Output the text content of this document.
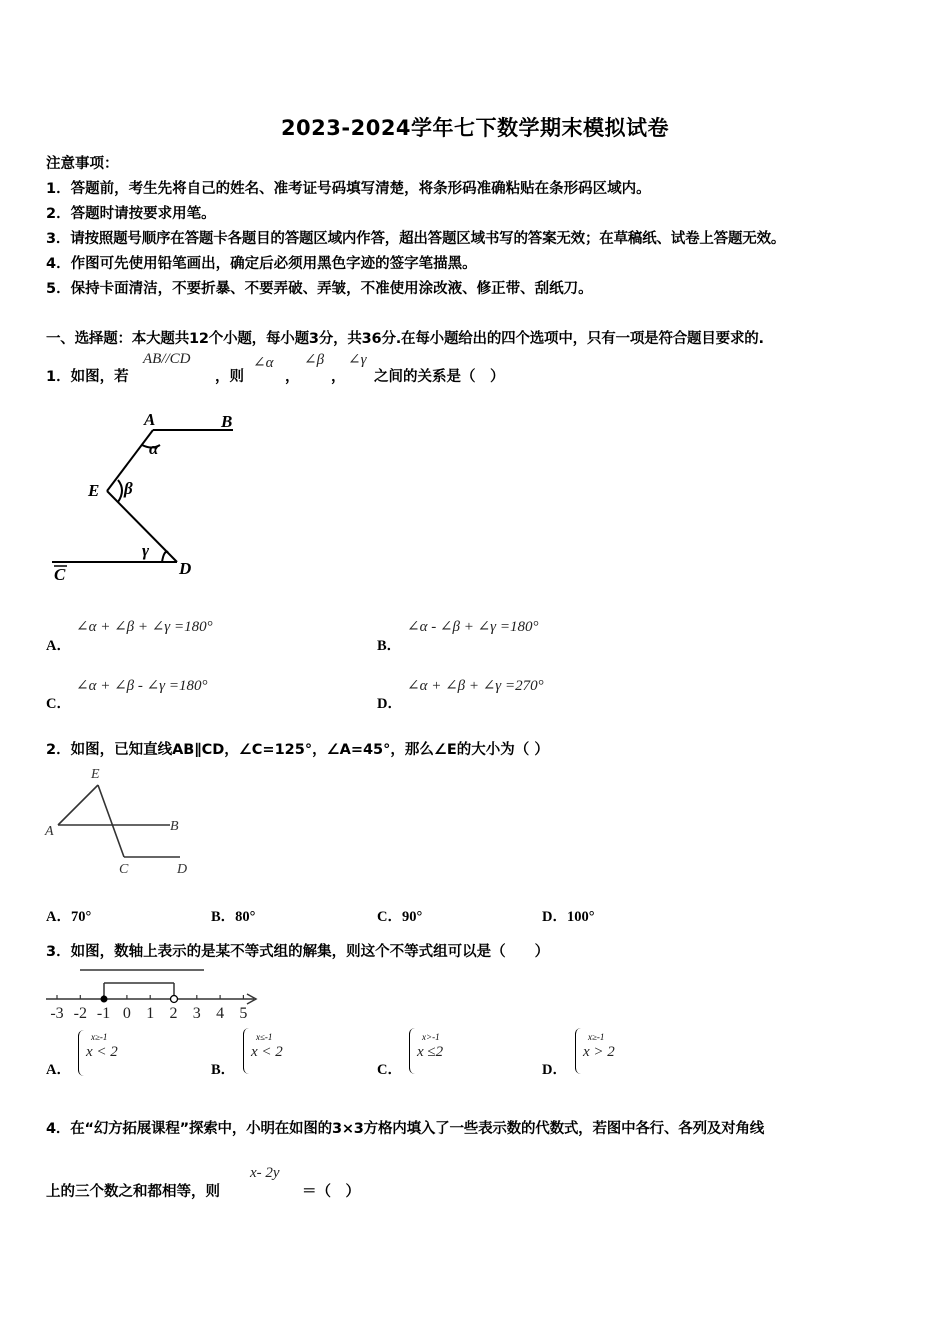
2023-2024学年七下数学期末模拟试卷
注意事项：
1．答题前，考生先将自己的姓名、准考证号码填写清楚，将条形码准确粘贴在条形码区域内。
2．答题时请按要求用笔。
3．请按照题号顺序在答题卡各题目的答题区域内作答，超出答题区域书写的答案无效；在草稿纸、试卷上答题无效。
4．作图可先使用铅笔画出，确定后必须用黑色字迹的签字笔描黑。
5．保持卡面清洁，不要折暴、不要弄破、弄皱，不准使用涂改液、修正带、刮纸刀。
一、选择题：本大题共12个小题，每小题3分，共36分.在每小题给出的四个选项中，只有一项是符合题目要求的.
1．如图，若
AB//CD
，则
∠α
，
∠β
，
∠γ
之间的关系是（　）
A	B
E β
α
γ
D
C
A．
∠α + ∠β + ∠γ =180°
B．
∠α - ∠β + ∠γ =180°
C．
∠α + ∠β - ∠γ =180°
D．
∠α + ∠β + ∠γ =270°
2．如图，已知直线AB∥CD，∠C=125°，∠A=45°，那么∠E的大小为（ ）
E
A	B
C	D
A．70°	B．80°	C．90°	D．100°
3．如图，数轴上表示的是某不等式组的解集，则这个不等式组可以是（　　）
-3 -2 -1 0 1 2 3 4 5
A．
x≥-1
x < 2
B．
x≤-1
x < 2
C．
x>-1
x ≤2
D．
x≥-1
x > 2
4．在“幻方拓展课程”探索中，小明在如图的3×3方格内填入了一些表示数的代数式，若图中各行、各列及对角线
上的三个数之和都相等，则
x- 2y
＝（　）
